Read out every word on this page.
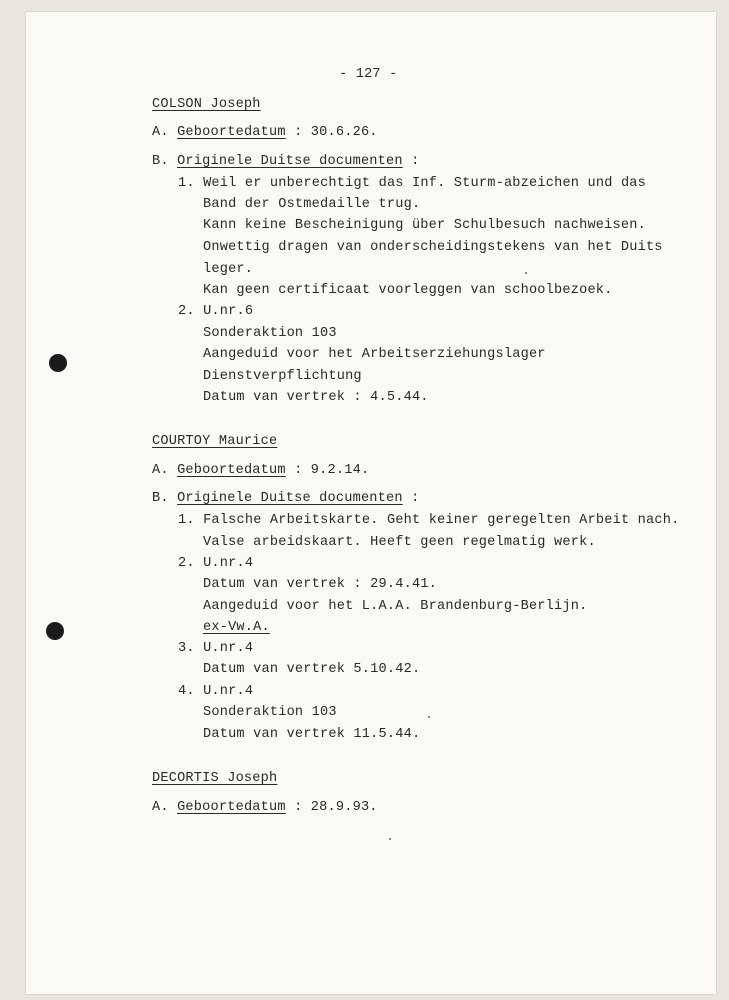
- 127 -
COLSON Joseph
A. Geboortedatum : 30.6.26.
B. Originele Duitse documenten :
1. Weil er unberechtigt das Inf. Sturm-abzeichen und das
Band der Ostmedaille trug.
Kann keine Bescheinigung über Schulbesuch nachweisen.
Onwettig dragen van onderscheidingstekens van het Duits
leger.
Kan geen certificaat voorleggen van schoolbezoek.
2. U.nr.6
Sonderaktion 103
Aangeduid voor het Arbeitserziehungslager
Dienstverpflichtung
Datum van vertrek : 4.5.44.
COURTOY Maurice
A. Geboortedatum : 9.2.14.
B. Originele Duitse documenten :
1. Falsche Arbeitskarte. Geht keiner geregelten Arbeit nach.
Valse arbeidskaart. Heeft geen regelmatig werk.
2. U.nr.4
Datum van vertrek : 29.4.41.
Aangeduid voor het L.A.A. Brandenburg-Berlijn.
ex-Vw.A.
3. U.nr.4
Datum van vertrek 5.10.42.
4. U.nr.4
Sonderaktion 103
Datum van vertrek 11.5.44.
DECORTIS Joseph
A. Geboortedatum : 28.9.93.
